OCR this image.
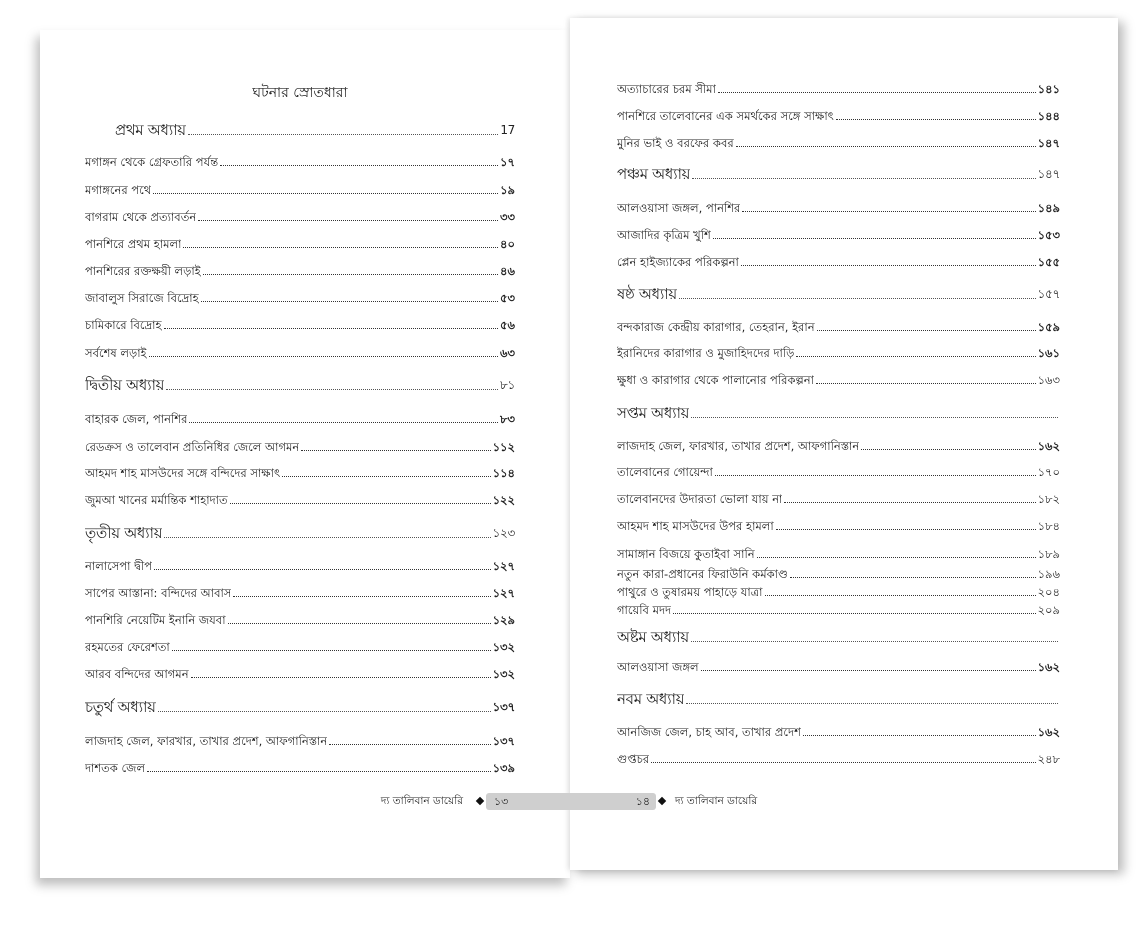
ঘটনার স্রোতধারা
প্রথম অধ্যায়	17
মগাঙ্গন থেকে গ্রেফতারি পর্যন্ত	১৭
মগাঙ্গনের পথে	১৯
বাগরাম থেকে প্রত্যাবর্তন	৩৩
পানশিরে প্রথম হামলা	৪০
পানশিরের রক্তক্ষয়ী লড়াই	৪৬
জাবালুস সিরাজে বিদ্রোহ	৫৩
চামিকারে বিদ্রোহ	৫৬
সর্বশেষ লড়াই	৬৩
দ্বিতীয় অধ্যায়	৮১
বাহারক জেল, পানশির	৮৩
রেডক্রস ও তালেবান প্রতিনিধির জেলে আগমন	১১২
আহমদ শাহ মাসউদের সঙ্গে বন্দিদের সাক্ষাৎ	১১৪
জুমআ খানের মর্মান্তিক শাহাদাত	১২২
তৃতীয় অধ্যায়	১২৩
নালাসেপা দ্বীপ	১২৭
সাপের আস্তানা: বন্দিদের আবাস	১২৭
পানশিরি নেয়েটিম ইনানি জযবা	১২৯
রহমতের ফেরেশতা	১৩২
আরব বন্দিদের আগমন	১৩২
চতুর্থ অধ্যায়	১৩৭
লাজদাহ জেল, ফারখার, তাখার প্রদেশ, আফগানিস্তান	১৩৭
দাশতক জেল	১৩৯
অত্যাচারের চরম সীমা	১৪১
পানশিরে তালেবানের এক সমর্থকের সঙ্গে সাক্ষাৎ	১৪৪
মুনির ভাই ও বরফের কবর	১৪৭
পঞ্চম অধ্যায়	১৪৭
আলওয়াসা জঙ্গল, পানশির	১৪৯
আজাদির কৃত্রিম খুশি	১৫৩
প্লেন হাইজ্যাকের পরিকল্পনা	১৫৫
ষষ্ঠ অধ্যায়	১৫৭
বন্দকারাজ কেন্দ্রীয় কারাগার, তেহরান, ইরান	১৫৯
ইরানিদের কারাগার ও মুজাহিদদের দাড়ি	১৬১
ক্ষুধা ও কারাগার থেকে পালানোর পরিকল্পনা	১৬৩
সপ্তম অধ্যায়
লাজদাহ জেল, ফারখার, তাখার প্রদেশ, আফগানিস্তান	১৬২
তালেবানের গোয়েন্দা	১৭০
তালেবানদের উদারতা ভোলা যায় না	১৮২
আহমদ শাহ মাসউদের উপর হামলা	১৮৪
সামাঙ্গান বিজয়ে কুতাইবা সানি	১৮৯
নতুন কারা-প্রধানের ফিরাউনি কর্মকাণ্ড	১৯৬
পাথুরে ও তুষারময় পাহাড়ে যাত্রা	২০৪
গায়েবি মদদ	২০৯
অষ্টম অধ্যায়
আলওয়াসা জঙ্গল	১৬২
নবম অধ্যায়
আনজিজ জেল, চাহ আব, তাখার প্রদেশ	১৬২
গুপ্তচর	২৪৮
দ্য তালিবান ডায়েরি	১৩	১৪ দ্য তালিবান ডায়েরি
